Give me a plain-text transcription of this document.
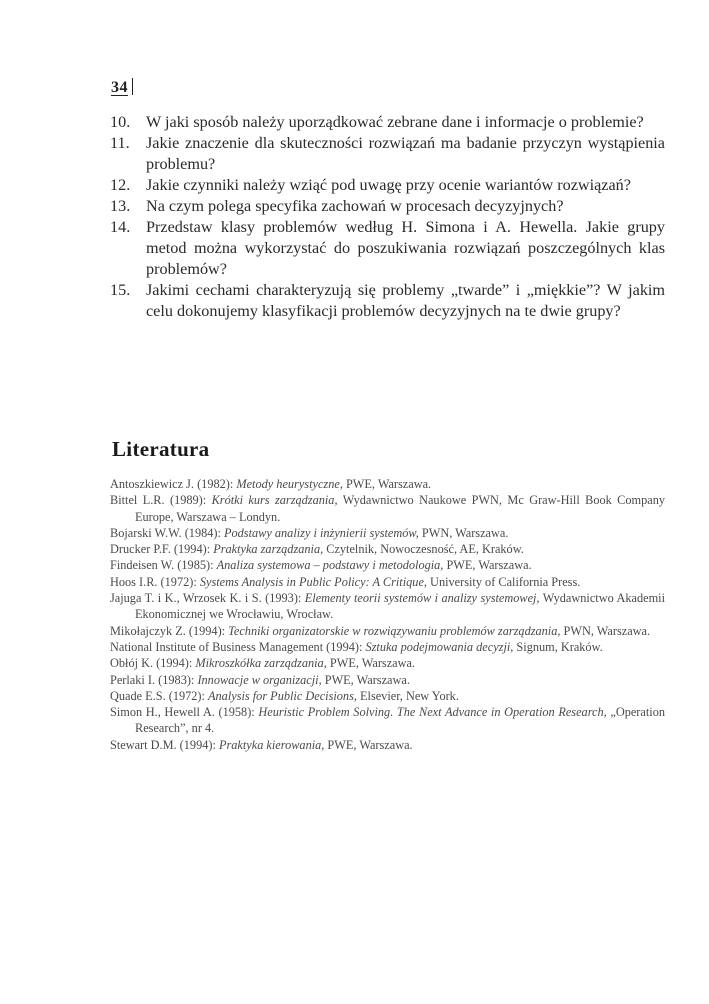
34
10. W jaki sposób należy uporządkować zebrane dane i informacje o problemie?
11. Jakie znaczenie dla skuteczności rozwiązań ma badanie przyczyn wystąpienia problemu?
12. Jakie czynniki należy wziąć pod uwagę przy ocenie wariantów rozwiązań?
13. Na czym polega specyfika zachowań w procesach decyzyjnych?
14. Przedstaw klasy problemów według H. Simona i A. Hewella. Jakie grupy metod można wykorzystać do poszukiwania rozwiązań poszczególnych klas problemów?
15. Jakimi cechami charakteryzują się problemy „twarde” i „miękkie”? W jakim celu dokonujemy klasyfikacji problemów decyzyjnych na te dwie grupy?
Literatura
Antoszkiewicz J. (1982): Metody heurystyczne, PWE, Warszawa.
Bittel L.R. (1989): Krótki kurs zarządzania, Wydawnictwo Naukowe PWN, Mc Graw-Hill Book Company Europe, Warszawa – Londyn.
Bojarski W.W. (1984): Podstawy analizy i inżynierii systemów, PWN, Warszawa.
Drucker P.F. (1994): Praktyka zarządzania, Czytelnik, Nowoczesność, AE, Kraków.
Findeisen W. (1985): Analiza systemowa – podstawy i metodologia, PWE, Warszawa.
Hoos I.R. (1972): Systems Analysis in Public Policy: A Critique, University of California Press.
Jajuga T. i K., Wrzosek K. i S. (1993): Elementy teorii systemów i analizy systemowej, Wydawnictwo Akademii Ekonomicznej we Wrocławiu, Wrocław.
Mikołajczyk Z. (1994): Techniki organizatorskie w rozwiązywaniu problemów zarządzania, PWN, Warszawa.
National Institute of Business Management (1994): Sztuka podejmowania decyzji, Signum, Kraków.
Obłój K. (1994): Mikroszkółka zarządzania, PWE, Warszawa.
Perlaki I. (1983): Innowacje w organizacji, PWE, Warszawa.
Quade E.S. (1972): Analysis for Public Decisions, Elsevier, New York.
Simon H., Hewell A. (1958): Heuristic Problem Solving. The Next Advance in Operation Research, „Operation Research”, nr 4.
Stewart D.M. (1994): Praktyka kierowania, PWE, Warszawa.
